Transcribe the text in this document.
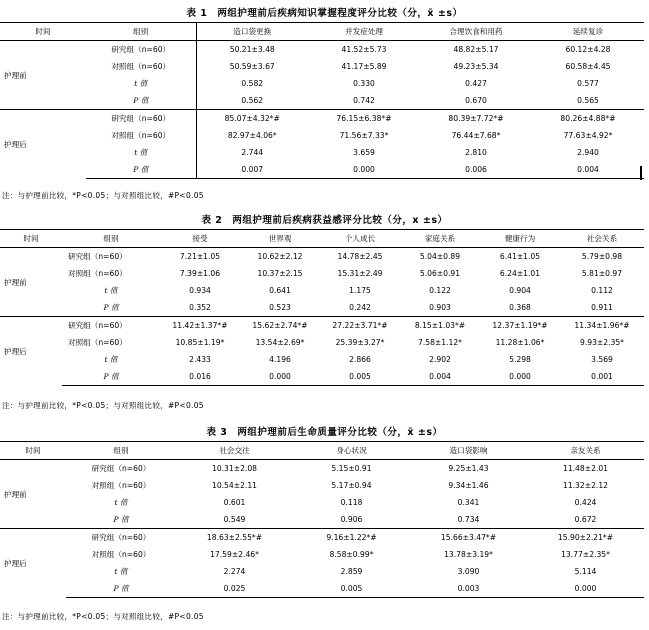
表 1 两组护理前后疾病知识掌握程度评分比较（分，x̄ ±s）
时间	组别	造口袋更换	并发症处理	合理饮食和用药	延续复诊
护理前	研究组（n=60）	50.21±3.48	41.52±5.73	48.82±5.17	60.12±4.28
	对照组（n=60）	50.59±3.67	41.17±5.89	49.23±5.34	60.58±4.45
	t 值	0.582	0.330	0.427	0.577
	P 值	0.562	0.742	0.670	0.565
护理后	研究组（n=60）	85.07±4.32*#	76.15±6.38*#	80.39±7.72*#	80.26±4.88*#
	对照组（n=60）	82.97±4.06*	71.56±7.33*	76.44±7.68*	77.63±4.92*
	t 值	2.744	3.659	2.810	2.940
	P 值	0.007	0.000	0.006	0.004
注：与护理前比较，*P<0.05；与对照组比较，#P<0.05
表 2 两组护理前后疾病获益感评分比较（分，x ±s）
时间	组别	接受	世界观	个人成长	家庭关系	健康行为	社会关系
护理前	研究组（n=60）	7.21±1.05	10.62±2.12	14.78±2.45	5.04±0.89	6.41±1.05	5.79±0.98
	对照组（n=60）	7.39±1.06	10.37±2.15	15.31±2.49	5.06±0.91	6.24±1.01	5.81±0.97
	t 值	0.934	0.641	1.175	0.122	0.904	0.112
	P 值	0.352	0.523	0.242	0.903	0.368	0.911
护理后	研究组（n=60）	11.42±1.37*#	15.62±2.74*#	27.22±3.71*#	8.15±1.03*#	12.37±1.19*#	11.34±1.96*#
	对照组（n=60）	10.85±1.19*	13.54±2.69*	25.39±3.27*	7.58±1.12*	11.28±1.06*	9.93±2.35*
	t 值	2.433	4.196	2.866	2.902	5.298	3.569
	P 值	0.016	0.000	0.005	0.004	0.000	0.001
注：与护理前比较，*P<0.05；与对照组比较，#P<0.05
表 3 两组护理前后生命质量评分比较（分，x̄ ±s）
时间	组别	社会交往	身心状况	造口袋影响	亲友关系
护理前	研究组（n=60）	10.31±2.08	5.15±0.91	9.25±1.43	11.48±2.01
	对照组（n=60）	10.54±2.11	5.17±0.94	9.34±1.46	11.32±2.12
	t 值	0.601	0.118	0.341	0.424
	P 值	0.549	0.906	0.734	0.672
护理后	研究组（n=60）	18.63±2.55*#	9.16±1.22*#	15.66±3.47*#	15.90±2.21*#
	对照组（n=60）	17.59±2.46*	8.58±0.99*	13.78±3.19*	13.77±2.35*
	t 值	2.274	2.859	3.090	5.114
	P 值	0.025	0.005	0.003	0.000
注：与护理前比较，*P<0.05；与对照组比较，#P<0.05
